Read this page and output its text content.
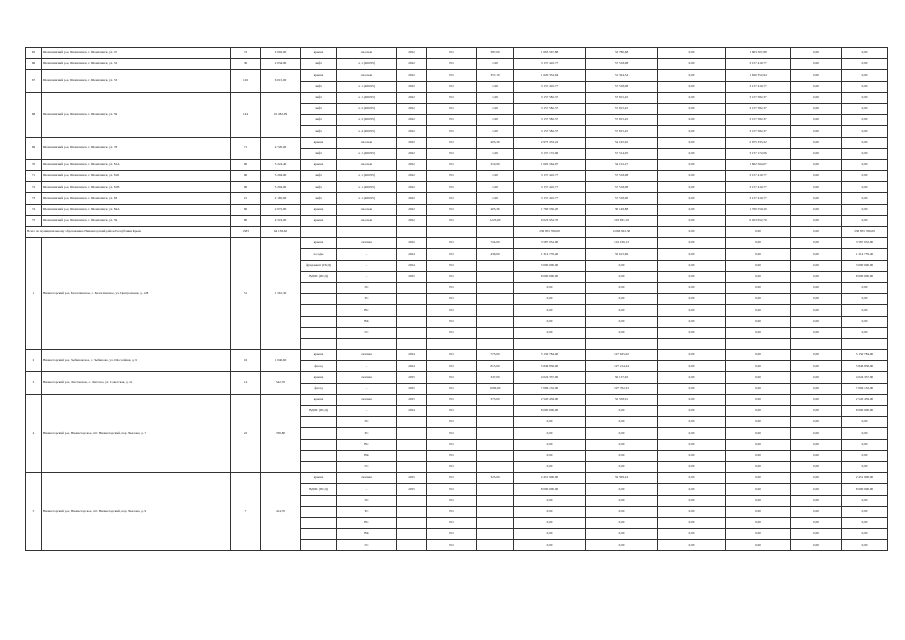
65	Шемахинский р-н, Шемахинск, г. Шемахинск, ул. 47	72	2 092,90	крыша	плоская	2022	РО	387,00	1 603 567,88	33 780,68	0,00	1 603 567,88	0,00	0,00
66	Шемахинский р-н, Шемахинск, г. Шемахинск, ул. 52	36	2 034,90	лифт	л. 1 (400/05)	2022	РО	1,00	3 157 410,77	57 518,08	0,00	3 157 410,77	0,00	0,00
67	Шемахинский р-н, Шемахинск, г. Шемахинск, ул. 53	126	6 015,00	крыша	плоская	2022	РО	357,10	1 620 352,94	31 324,54	0,00	1 620 352,94	0,00	0,00
				лифт	л. 1 (400/05)	2022	РО	1,00	3 157 410,77	57 518,08	0,00	3 157 410,77	0,00	0,00
68	Шемахинский р-н, Шемахинск, г. Шемахинск, ул. 59	144	10 282,99	лифт	л. 1 (400/05)	2022	РО	1,00	3 157 582,37	57 815,45	0,00	3 157 582,37	0,00	0,00
				лифт	л. 2 (400/05)	2022	РО	1,00	3 157 582,37	57 815,45	0,00	3 157 582,37	0,00	0,00
				лифт	л. 3 (400/05)	2022	РО	1,00	3 157 582,37	57 815,45	0,00	3 157 582,37	0,00	0,00
				лифт	л. 4 (400/05)	2022	РО	1,00	3 157 582,37	57 815,45	0,00	3 157 582,37	0,00	0,00
69	Шемахинский р-н, Шемахинск, г. Шемахинск, ул. 78	71	4 720,00	крыша	плоская	2022	РО	405,30	2 975 333,22	54 165,02	0,00	2 975 333,22	0,00	0,00
				лифт	л. 1 (400/05)	2022	РО	1,00	3 157 172,06	57 514,05	0,00	3 157 172,06	0,00	0,00
70	Шемахинский р-н, Шемахинск, г. Шемахинск, ул. 81А	90	5 224,40	крыша	плоская	2022	РО	310,90	1 602 564,07	34 152,27	0,00	1 602 564,07	0,00	0,00
71	Шемахинский р-н, Шемахинск, г. Шемахинск, ул. 81Б	90	5 204,90	лифт	л. 1 (400/05)	2022	РО	1,00	3 157 410,77	57 518,08	0,00	3 157 410,77	0,00	0,00
72	Шемахинский р-н, Шемахинск, г. Шемахинск, ул. 81В	90	5 204,90	лифт	л. 1 (400/05)	2022	РО	1,00	3 157 410,77	57 518,08	0,00	3 157 410,77	0,00	0,00
73	Шемахинский р-н, Шемахинск, г. Шемахинск, ул. 83	21	2 185,00	лифт	л. 1 (400/05)	2022	РО	1,00	3 157 410,77	57 518,00	0,00	3 157 410,77	0,00	0,00
74	Шемахинский р-н, Шемахинск, г. Шемахинск, ул. 84А	60	2 672,90	крыша	плоская	2022	РО	405,36	1 760 550,20	30 149,88	0,00	1 760 550,20	0,00	0,00
75	Шемахинский р-н, Шемахинск, г. Шемахинск, ул. 59	80	4 519,00	крыша	плоская	2022	РО	1223,90	6 023 952,70	103 831,19	0,00	6 023 952,70	0,00	0,00
Всего по муниципальному образованию Нижнеторский район Республики Крым		1583	64 138,40						236 855 766,09	4 066 991,30	0,00	0,00	0,00	236 855 766,09
1	Нижнеторский р-н, Белоглинское, с. Белоглинское, ул. Центральная, д. 128	51	1 561,30	крыша	скатная	2022	РО	724,00	3 587 052,90	116 236,13	0,00	0,00	0,00	3 587 052,90
				п-сады	–	2024	РО	436,00	1 314 776,40	32 615,69	0,00	0,00	0,00	1 314 776,40
				фундамент (ПСД)	–	2024	РО		3 000 000,00	0,00	0,00	0,00	0,00	3 000 000,00
				ВДИС (ПСД)	–	2025	РО		8 000 000,00	0,00	0,00	0,00	0,00	8 000 000,00
					ЭС		РО		0,00	0,00	0,00	0,00	0,00	0,00
					ТС		РО		0,00	0,00	0,00	0,00	0,00	0,00
					ВС		РО		0,00	0,00	0,00	0,00	0,00	0,00
					ВК		РО		0,00	0,00	0,00	0,00	0,00	0,00
					ГС		РО		0,00	0,00	0,00	0,00	0,00	0,00

2	Нижнеторский р-н, Зыбиновское, с. Зыбиново, ул. Шоссейная, д. 9	16	1 046,60	крыша	скатная	2024	РО	773,00	5 150 784,00	127 625,02	0,00	0,00	0,00	5 150 784,00
				фасад	–	2024	РО	815,00	5 846 836,00	127 214,24	0,00	0,00	0,00	5 846 836,00
3	Нижнеторский р-н, Листовское, с. Листово, ул. Советская, д. 21	14	542,70	крыша	скатная	2025	РО	347,00	4 024 337,00	56 137,02	0,00	0,00	0,00	4 024 337,00
				фасад	–	2025	РО	1009,00	7 006 132,00	107 702,23	0,00	0,00	0,00	7 006 132,00
4	Нижнеторский р-н, Нижнеторское, пгт. Нижнеторский, пер. Чкалова, д. 7	22	706,80	крыша	скатная	2025	РО	373,00	2 520 459,00	32 558,01	0,00	0,00	0,00	2 520 459,00
				ВДИС (ПСД)	–	2024	РО		8 000 000,00	0,00	0,00	0,00	0,00	8 000 000,00
					ЭС		РО		0,00	0,00	0,00	0,00	0,00	0,00
					ТС		РО		0,00	0,00	0,00	0,00	0,00	0,00
					ВС		РО		0,00	0,00	0,00	0,00	0,00	0,00
					ВК		РО		0,00	0,00	0,00	0,00	0,00	0,00
					ГС		РО		0,00	0,00	0,00	0,00	0,00	0,00
5	Нижнеторский р-н, Нижнеторское, пгт. Нижнеторский, пер. Чкалова, д. 9	7	414,70	крыша	скатная	2025	РО	325,00	2 451 900,00	32 509,24	0,00	0,00	0,00	2 451 900,00
				ВДИС (ПСД)	–	2025	РО		8 000 000,00	0,00	0,00	0,00	0,00	8 000 000,00
					ЭС		РО		0,00	0,00	0,00	0,00	0,00	0,00
					ТС		РО		0,00	0,00	0,00	0,00	0,00	0,00
					ВС		РО		0,00	0,00	0,00	0,00	0,00	0,00
					ВК		РО		0,00	0,00	0,00	0,00	0,00	0,00
					ГС		РО		0,00	0,00	0,00	0,00	0,00	0,00
